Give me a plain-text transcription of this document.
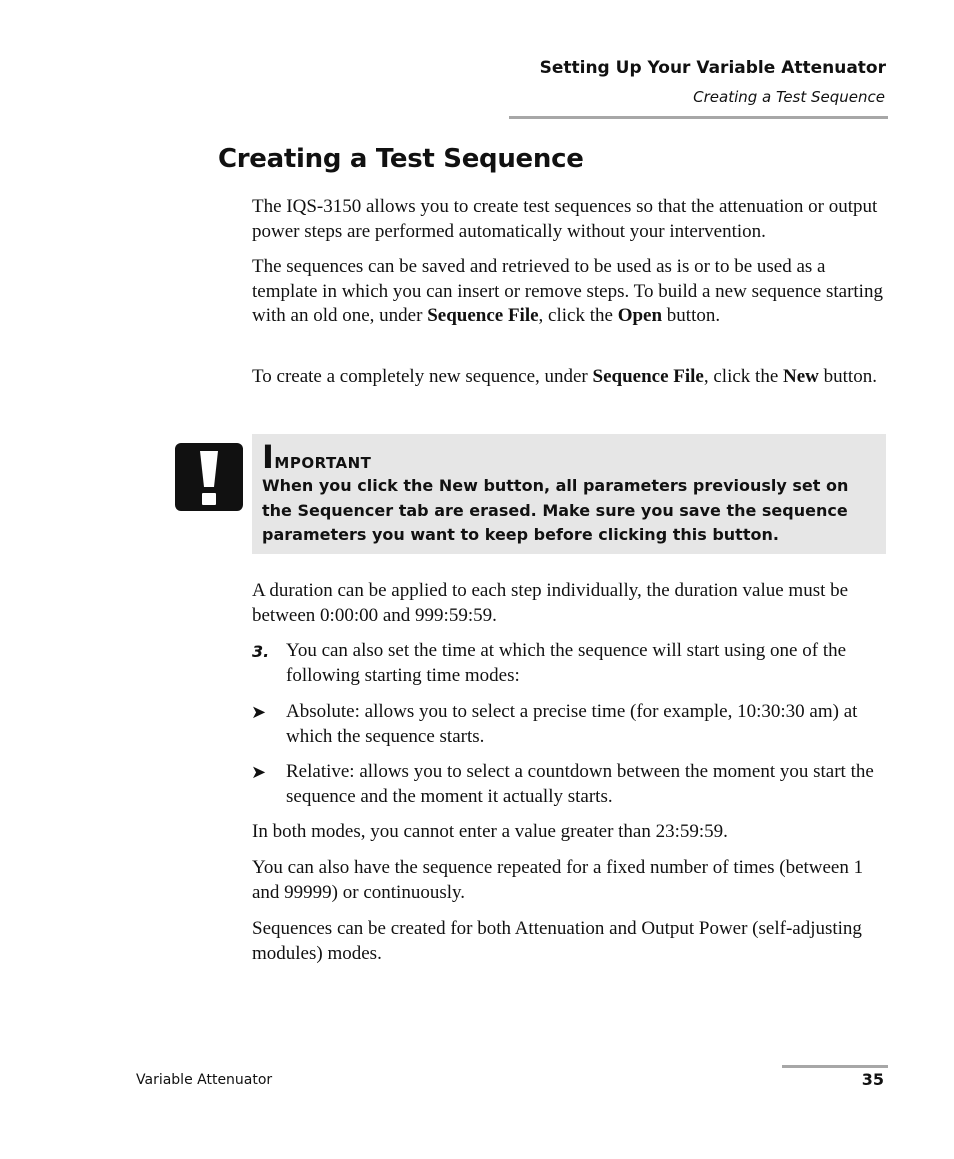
Setting Up Your Variable Attenuator
Creating a Test Sequence
Creating a Test Sequence

The IQS-3150 allows you to create test sequences so that the attenuation or output power steps are performed automatically without your intervention.

The sequences can be saved and retrieved to be used as is or to be used as a template in which you can insert or remove steps. To build a new sequence starting with an old one, under Sequence File, click the Open button.

To create a completely new sequence, under Sequence File, click the New button.

Important

When you click the New button, all parameters previously set on the Sequencer tab are erased. Make sure you save the sequence parameters you want to keep before clicking this button.

A duration can be applied to each step individually, the duration value must be between 0:00:00 and 999:59:59.

3. You can also set the time at which the sequence will start using one of the following starting time modes:

➤ Absolute: allows you to select a precise time (for example, 10:30:30 am) at which the sequence starts.

➤ Relative: allows you to select a countdown between the moment you start the sequence and the moment it actually starts.

In both modes, you cannot enter a value greater than 23:59:59.

You can also have the sequence repeated for a fixed number of times (between 1 and 99999) or continuously.

Sequences can be created for both Attenuation and Output Power (self-adjusting modules) modes.

Variable Attenuator	35
